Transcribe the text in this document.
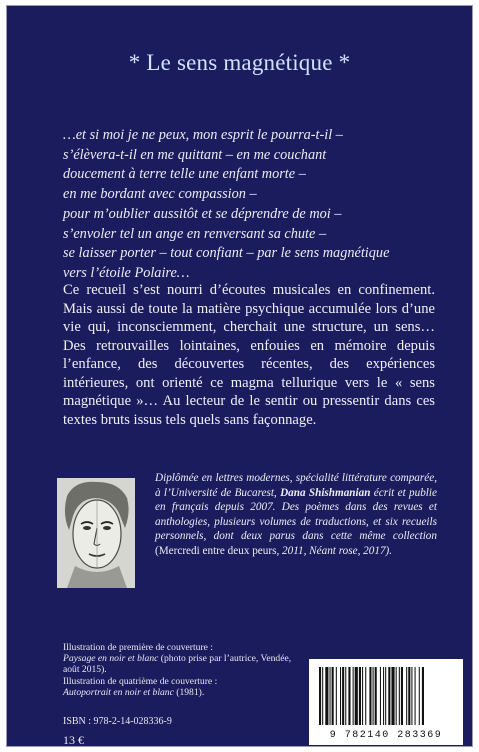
* Le sens magnétique *
…et si moi je ne peux, mon esprit le pourra-t-il –
s’élèvera-t-il en me quittant – en me couchant
doucement à terre telle une enfant morte –
en me bordant avec compassion –
pour m’oublier aussitôt et se déprendre de moi –
s’envoler tel un ange en renversant sa chute –
se laisser porter – tout confiant – par le sens magnétique
vers l’étoile Polaire…
Ce recueil s’est nourri d’écoutes musicales en confinement. Mais aussi de toute la matière psychique accumulée lors d’une vie qui, inconsciemment, cherchait une structure, un sens… Des retrouvailles lointaines, enfouies en mémoire depuis l’enfance, des découvertes récentes, des expériences intérieures, ont orienté ce magma tellurique vers le « sens magnétique »… Au lecteur de le sentir ou pressentir dans ces textes bruts issus tels quels sans façonnage.
Diplômée en lettres modernes, spécialité littérature comparée, à l’Université de Bucarest, Dana Shishmanian écrit et publie en français depuis 2007. Des poèmes dans des revues et anthologies, plusieurs volumes de traductions, et six recueils personnels, dont deux parus dans cette même collection (Mercredi entre deux peurs, 2011, Néant rose, 2017).
Illustration de première de couverture :
Paysage en noir et blanc (photo prise par l’autrice, Vendée, août 2015).
Illustration de quatrième de couverture :
Autoportrait en noir et blanc (1981).
ISBN : 978-2-14-028336-9
13 €	9 782140 283369
